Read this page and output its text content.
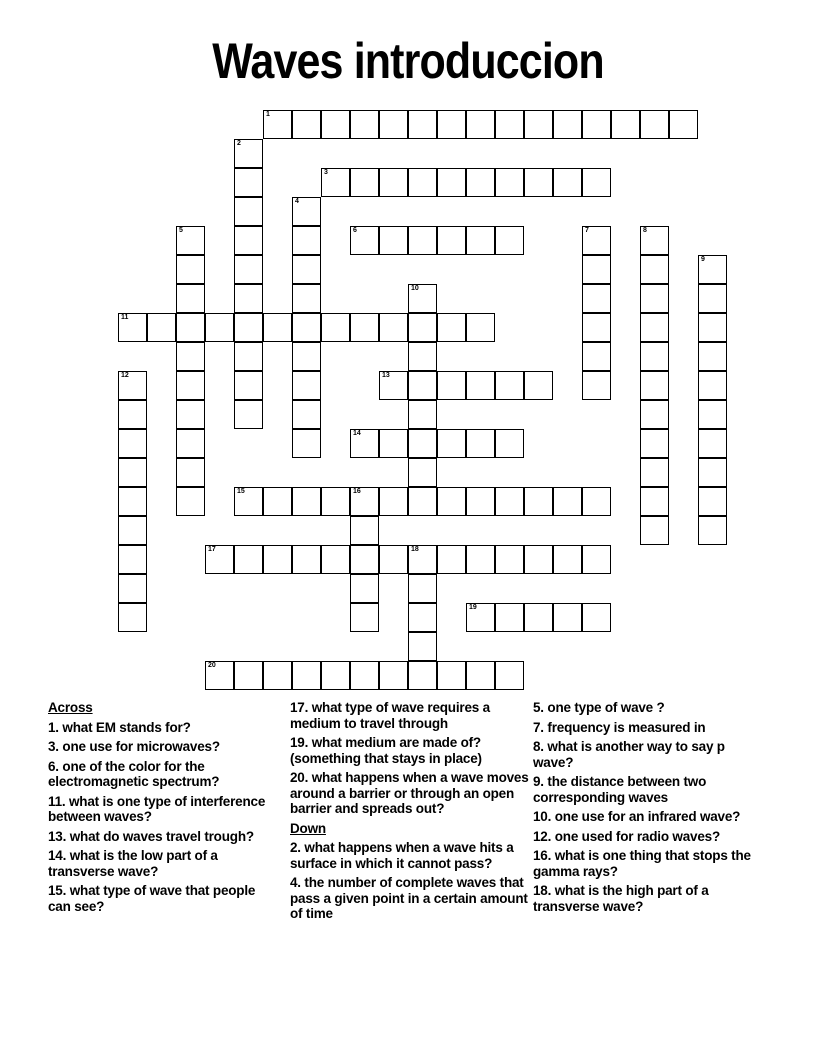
Waves introduccion
1
2
3
4
5	6	7	8
9
10
11
12	13
14
15	16
17	18
19
20
Across
1. what EM stands for?
3. one use for microwaves?
6. one of the color for the electromagnetic spectrum?
11. what is one type of interference between waves?
13. what do waves travel trough?
14. what is the low part of a transverse wave?
15. what type of wave that people can see?
17. what type of wave requires a medium to travel through
19. what medium are made of?(something that stays in place)
20. what happens when a wave moves around a barrier or through an open barrier and spreads out?
Down
2. what happens when a wave hits a surface in which it cannot pass?
4. the number of complete waves that pass a given point in a certain amount of time
5. one type of wave ?
7. frequency is measured in
8. what is another way to say p wave?
9. the distance between two corresponding waves
10. one use for an infrared wave?
12. one used for radio waves?
16. what is one thing that stops the gamma rays?
18. what is the high part of a transverse wave?
